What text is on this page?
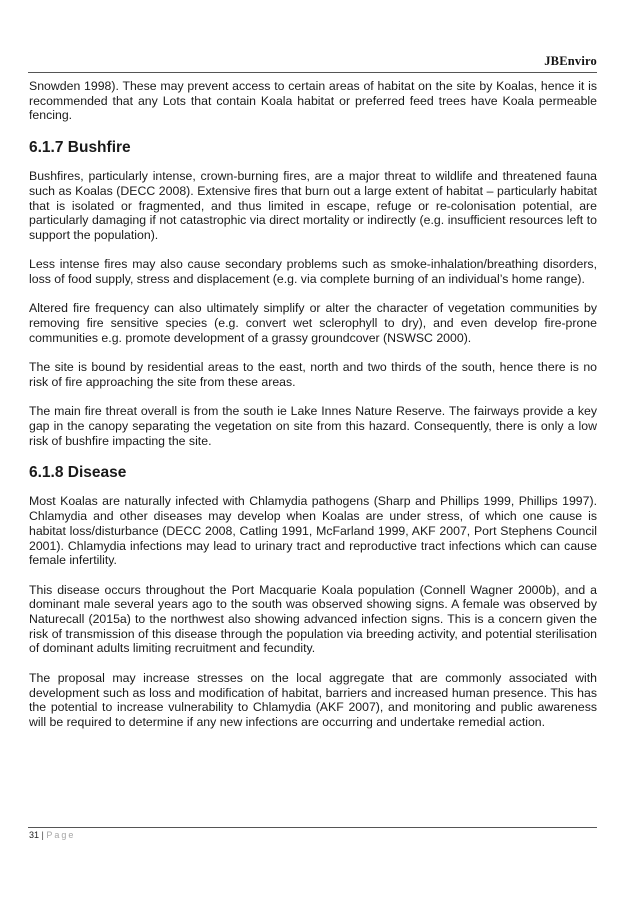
JBEnviro

Snowden 1998). These may prevent access to certain areas of habitat on the site by Koalas, hence it is recommended that any Lots that contain Koala habitat or preferred feed trees have Koala permeable fencing.

6.1.7 Bushfire

Bushfires, particularly intense, crown-burning fires, are a major threat to wildlife and threatened fauna such as Koalas (DECC 2008). Extensive fires that burn out a large extent of habitat – particularly habitat that is isolated or fragmented, and thus limited in escape, refuge or re-colonisation potential, are particularly damaging if not catastrophic via direct mortality or indirectly (e.g. insufficient resources left to support the population).

Less intense fires may also cause secondary problems such as smoke-inhalation/breathing disorders, loss of food supply, stress and displacement (e.g. via complete burning of an individual’s home range).

Altered fire frequency can also ultimately simplify or alter the character of vegetation communities by removing fire sensitive species (e.g. convert wet sclerophyll to dry), and even develop fire-prone communities e.g. promote development of a grassy groundcover (NSWSC 2000).

The site is bound by residential areas to the east, north and two thirds of the south, hence there is no risk of fire approaching the site from these areas.

The main fire threat overall is from the south ie Lake Innes Nature Reserve. The fairways provide a key gap in the canopy separating the vegetation on site from this hazard. Consequently, there is only a low risk of bushfire impacting the site.

6.1.8 Disease

Most Koalas are naturally infected with Chlamydia pathogens (Sharp and Phillips 1999, Phillips 1997). Chlamydia and other diseases may develop when Koalas are under stress, of which one cause is habitat loss/disturbance (DECC 2008, Catling 1991, McFarland 1999, AKF 2007, Port Stephens Council 2001). Chlamydia infections may lead to urinary tract and reproductive tract infections which can cause female infertility.

This disease occurs throughout the Port Macquarie Koala population (Connell Wagner 2000b), and a dominant male several years ago to the south was observed showing signs. A female was observed by Naturecall (2015a) to the northwest also showing advanced infection signs. This is a concern given the risk of transmission of this disease through the population via breeding activity, and potential sterilisation of dominant adults limiting recruitment and fecundity.

The proposal may increase stresses on the local aggregate that are commonly associated with development such as loss and modification of habitat, barriers and increased human presence. This has the potential to increase vulnerability to Chlamydia (AKF 2007), and monitoring and public awareness will be required to determine if any new infections are occurring and undertake remedial action.

31 | Page
